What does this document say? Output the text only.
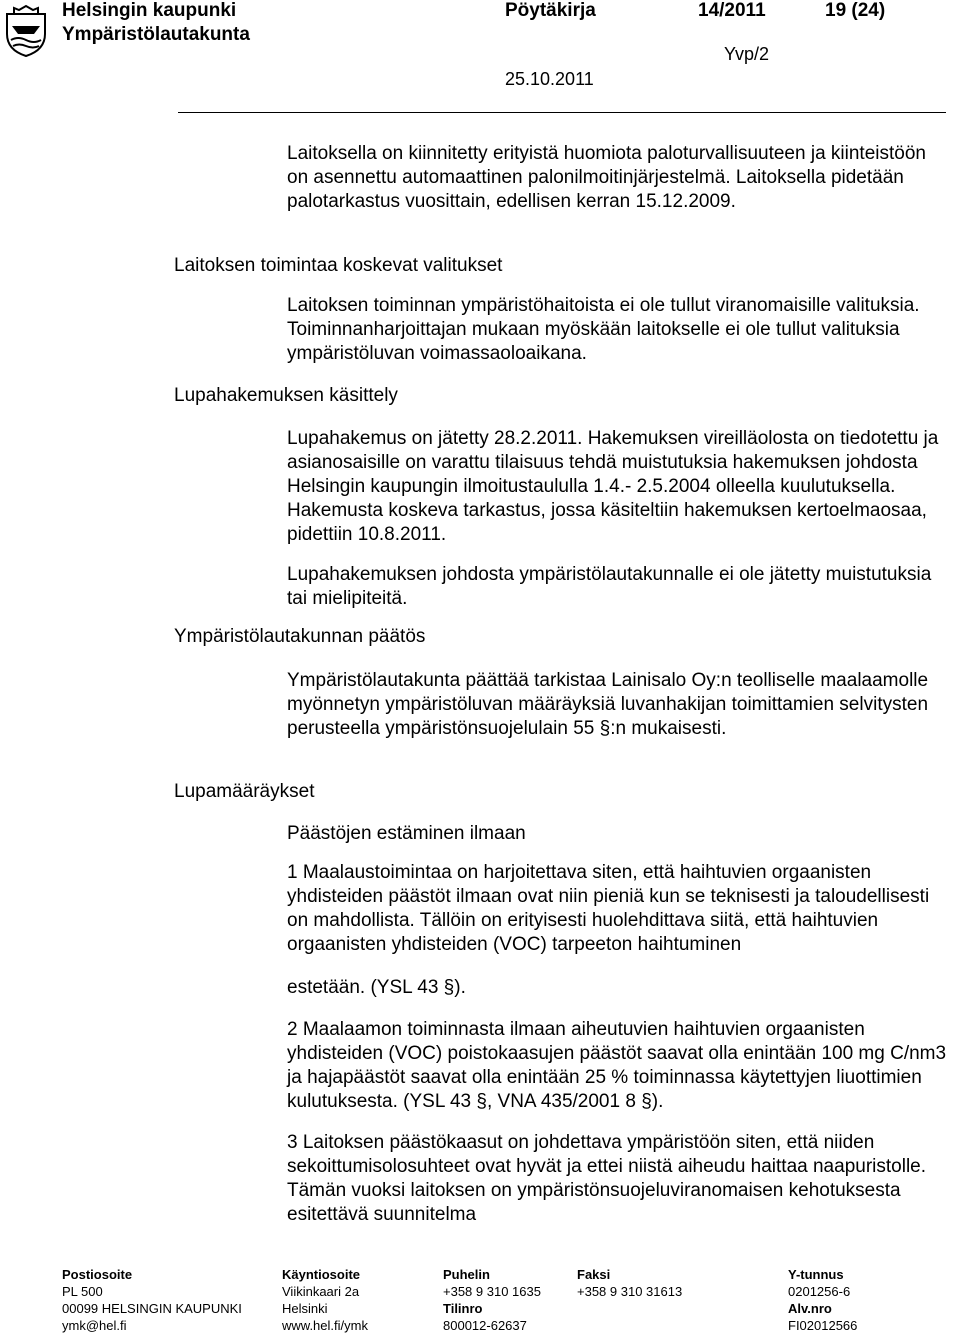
Helsingin kaupunki
Ympäristölautakunta
Pöytäkirja	14/2011	19 (24)
Yvp/2
25.10.2011
Laitoksella on kiinnitetty erityistä huomiota paloturvallisuuteen ja kiinteistöön on asennettu automaattinen palonilmoitinjärjestelmä. Laitoksella pidetään palotarkastus vuosittain, edellisen kerran 15.12.2009.
Laitoksen toimintaa koskevat valitukset
Laitoksen toiminnan ympäristöhaitoista ei ole tullut viranomaisille valituksia. Toiminnanharjoittajan mukaan myöskään laitokselle ei ole tullut valituksia ympäristöluvan voimassaoloaikana.
Lupahakemuksen käsittely
Lupahakemus on jätetty 28.2.2011. Hakemuksen vireilläolosta on tiedotettu ja asianosaisille on varattu tilaisuus tehdä muistutuksia hakemuksen johdosta Helsingin kaupungin ilmoitustaululla 1.4.- 2.5.2004 olleella kuulutuksella. Hakemusta koskeva tarkastus, jossa käsiteltiin hakemuksen kertoelmaosaa, pidettiin 10.8.2011.
Lupahakemuksen johdosta ympäristölautakunnalle ei ole jätetty muistutuksia tai mielipiteitä.
Ympäristölautakunnan päätös
Ympäristölautakunta päättää tarkistaa Lainisalo Oy:n teolliselle maalaamolle myönnetyn ympäristöluvan määräyksiä luvanhakijan toimittamien selvitysten perusteella ympäristönsuojelulain 55 §:n mukaisesti.
Lupamääräykset
Päästöjen estäminen ilmaan
1 Maalaustoimintaa on harjoitettava siten, että haihtuvien orgaanisten yhdisteiden päästöt ilmaan ovat niin pieniä kun se teknisesti ja taloudellisesti on mahdollista. Tällöin on erityisesti huolehdittava siitä, että haihtuvien orgaanisten yhdisteiden (VOC) tarpeeton haihtuminen
estetään. (YSL 43 §).
2 Maalaamon toiminnasta ilmaan aiheutuvien haihtuvien orgaanisten yhdisteiden (VOC) poistokaasujen päästöt saavat olla enintään 100 mg C/nm3 ja hajapäästöt saavat olla enintään 25 % toiminnassa käytettyjen liuottimien kulutuksesta. (YSL 43 §, VNA 435/2001 8 §).
3 Laitoksen päästökaasut on johdettava ympäristöön siten, että niiden sekoittumisolosuhteet ovat hyvät ja ettei niistä aiheudu haittaa naapuristolle. Tämän vuoksi laitoksen on ympäristönsuojeluviranomaisen kehotuksesta esitettävä suunnitelma
Postiosoite
PL 500
00099 HELSINGIN KAUPUNKI
ymk@hel.fi
Käyntiosoite
Viikinkaari 2a
Helsinki
www.hel.fi/ymk
Puhelin
+358 9 310 1635
Tilinro
800012-62637
Faksi
+358 9 310 31613
Y-tunnus
0201256-6
Alv.nro
FI02012566
